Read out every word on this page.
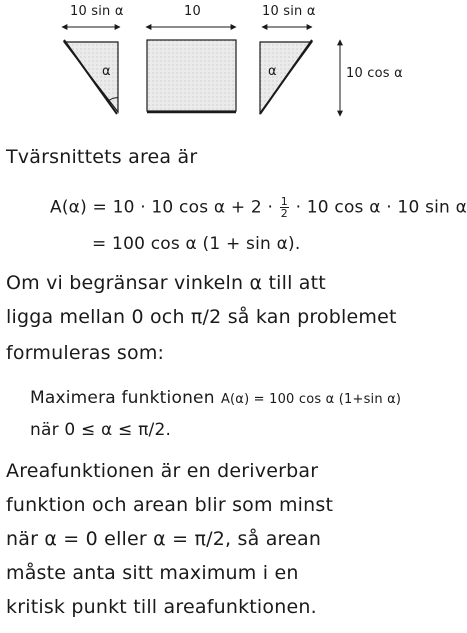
10 sin α	10	10 sin α
10 cos α
α	α
Tvärsnittets area är
A(α) = 10 · 10 $\cos \alpha + 2 \cdot \frac{1}{2} \cdot 10$ cos α · 10 sin α
= 100 cos α (1 + sin α).
Om vi begränsar vinkeln α till att
ligga mellan 0 och π/2 så kan problemet
formuleras som:
Maximera funktionen A(α) = 100 cos α (1+sin α)
när 0 ≤ α ≤ π/2.
Areafunktionen är en deriverbar
funktion och arean blir som minst
när α = 0 eller α = π/2, så arean
måste anta sitt maximum i en
kritisk punkt till areafunktionen.
